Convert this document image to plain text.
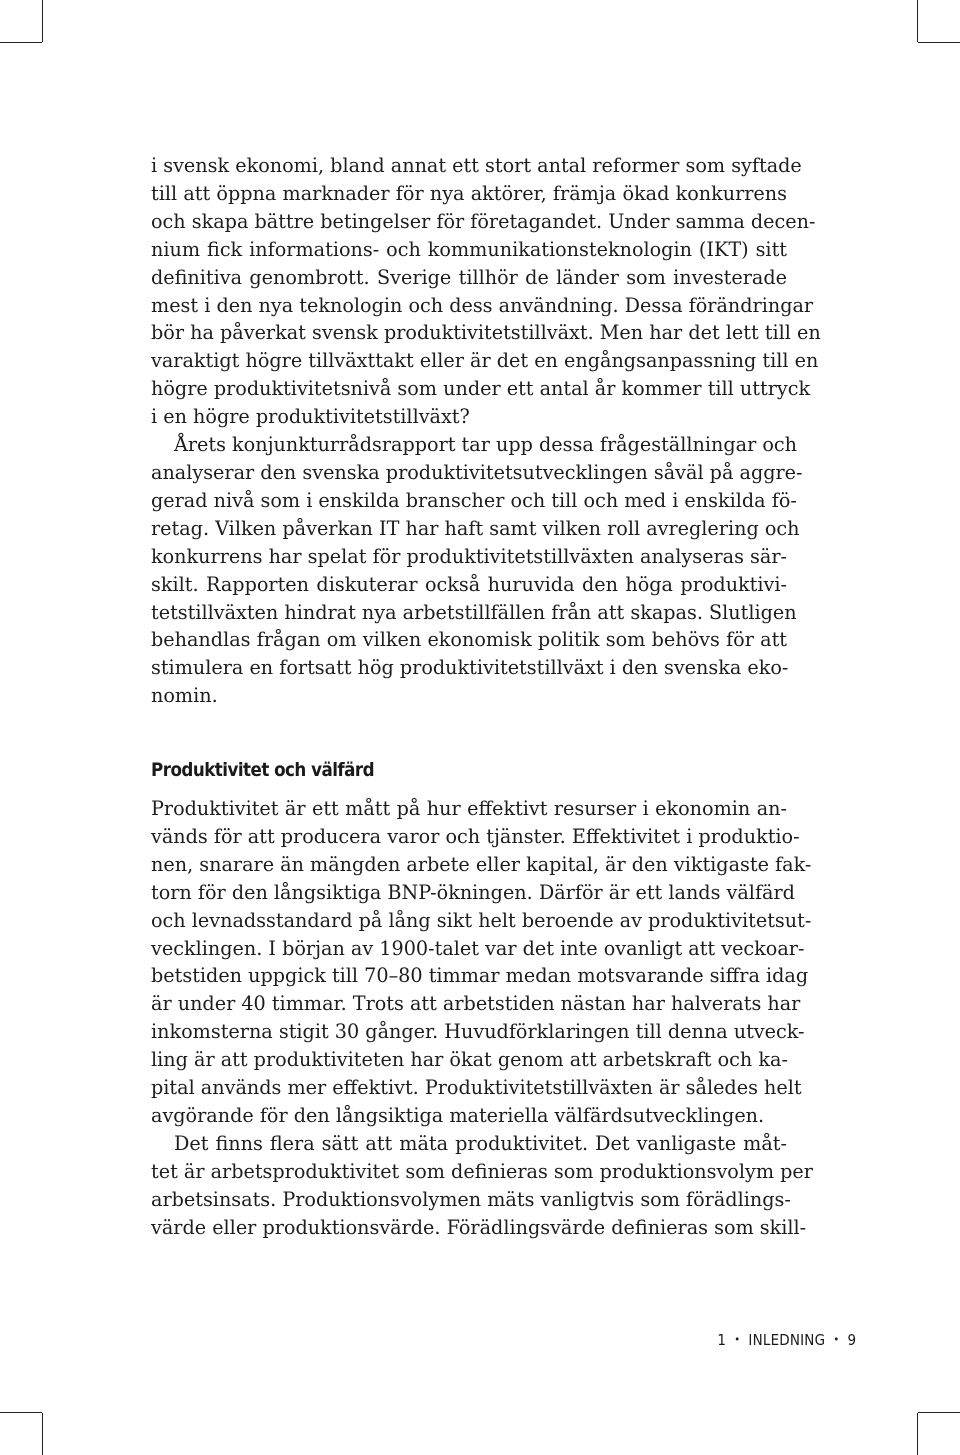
i svensk ekonomi, bland annat ett stort antal reformer som syftade
till att öppna marknader för nya aktörer, främja ökad konkurrens
och skapa bättre betingelser för företagandet. Under samma decen-
nium fick informations- och kommunikationsteknologin (IKT) sitt
definitiva genombrott. Sverige tillhör de länder som investerade
mest i den nya teknologin och dess användning. Dessa förändringar
bör ha påverkat svensk produktivitetstillväxt. Men har det lett till en
varaktigt högre tillväxttakt eller är det en engångsanpassning till en
högre produktivitetsnivå som under ett antal år kommer till uttryck
i en högre produktivitetstillväxt?
Årets konjunkturrådsrapport tar upp dessa frågeställningar och
analyserar den svenska produktivitetsutvecklingen såväl på aggre-
gerad nivå som i enskilda branscher och till och med i enskilda fö-
retag. Vilken påverkan IT har haft samt vilken roll avreglering och
konkurrens har spelat för produktivitetstillväxten analyseras sär-
skilt. Rapporten diskuterar också huruvida den höga produktivi-
tetstillväxten hindrat nya arbetstillfällen från att skapas. Slutligen
behandlas frågan om vilken ekonomisk politik som behövs för att
stimulera en fortsatt hög produktivitetstillväxt i den svenska eko-
nomin.
Produktivitet och välfärd
Produktivitet är ett mått på hur effektivt resurser i ekonomin an-
vänds för att producera varor och tjänster. Effektivitet i produktio-
nen, snarare än mängden arbete eller kapital, är den viktigaste fak-
torn för den långsiktiga BNP-ökningen. Därför är ett lands välfärd
och levnadsstandard på lång sikt helt beroende av produktivitetsut-
vecklingen. I början av 1900-talet var det inte ovanligt att veckoar-
betstiden uppgick till 70–80 timmar medan motsvarande siffra idag
är under 40 timmar. Trots att arbetstiden nästan har halverats har
inkomsterna stigit 30 gånger. Huvudförklaringen till denna utveck-
ling är att produktiviteten har ökat genom att arbetskraft och ka-
pital används mer effektivt. Produktivitetstillväxten är således helt
avgörande för den långsiktiga materiella välfärdsutvecklingen.
Det finns flera sätt att mäta produktivitet. Det vanligaste måt-
tet är arbetsproduktivitet som definieras som produktionsvolym per
arbetsinsats. Produktionsvolymen mäts vanligtvis som förädlings-
värde eller produktionsvärde. Förädlingsvärde definieras som skill-
1 • INLEDNING • 9
